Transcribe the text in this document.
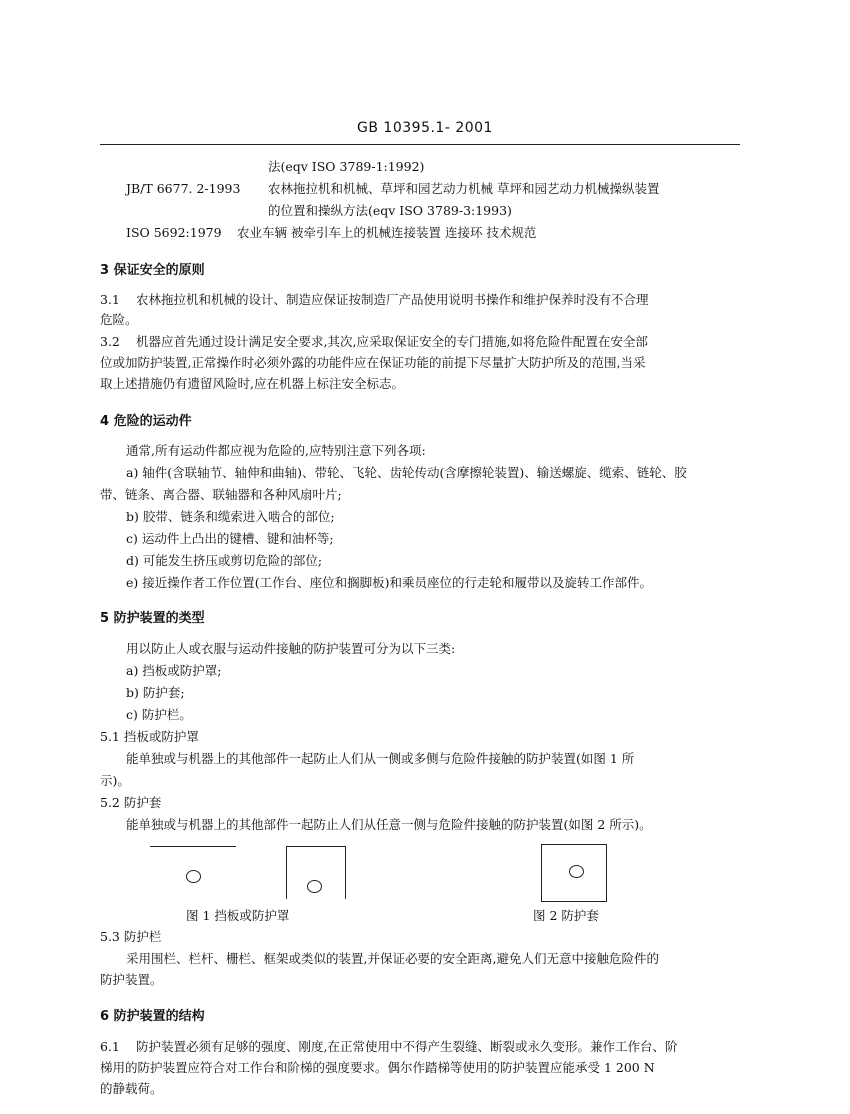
GB 10395.1- 2001
法(eqv ISO 3789-1:1992)
JB/T 6677. 2-1993 农林拖拉机和机械、草坪和园艺动力机械 草坪和园艺动力机械操纵装置
的位置和操纵方法(eqv ISO 3789-3:1993)
ISO 5692:1979 农业车辆 被牵引车上的机械连接装置 连接环 技术规范
3 保证安全的原则
3.1 农林拖拉机和机械的设计、制造应保证按制造厂产品使用说明书操作和维护保养时没有不合理
危险。
3.2 机器应首先通过设计满足安全要求,其次,应采取保证安全的专门措施,如将危险件配置在安全部
位或加防护装置,正常操作时必须外露的功能件应在保证功能的前提下尽量扩大防护所及的范围,当采
取上述措施仍有遗留风险时,应在机器上标注安全标志。
4 危险的运动件
通常,所有运动件都应视为危险的,应特别注意下列各项:
a) 轴件(含联轴节、轴伸和曲轴)、带轮、飞轮、齿轮传动(含摩擦轮装置)、输送螺旋、缆索、链轮、胶
带、链条、离合器、联轴器和各种风扇叶片;
b) 胶带、链条和缆索进入啮合的部位;
c) 运动件上凸出的键槽、键和油杯等;
d) 可能发生挤压或剪切危险的部位;
e) 接近操作者工作位置(工作台、座位和搁脚板)和乘员座位的行走轮和履带以及旋转工作部件。
5 防护装置的类型
用以防止人或衣服与运动件接触的防护装置可分为以下三类:
a) 挡板或防护罩;
b) 防护套;
c) 防护栏。
5.1 挡板或防护罩
能单独或与机器上的其他部件一起防止人们从一侧或多侧与危险件接触的防护装置(如图 1 所
示)。
5.2 防护套
能单独或与机器上的其他部件一起防止人们从任意一侧与危险件接触的防护装置(如图 2 所示)。
图 1 挡板或防护罩	图 2 防护套
5.3 防护栏
采用围栏、栏杆、栅栏、框架或类似的装置,并保证必要的安全距离,避免人们无意中接触危险件的
防护装置。
6 防护装置的结构
6.1 防护装置必须有足够的强度、刚度,在正常使用中不得产生裂缝、断裂或永久变形。兼作工作台、阶
梯用的防护装置应符合对工作台和阶梯的强度要求。偶尔作踏梯等使用的防护装置应能承受 1 200 N
的静载荷。
